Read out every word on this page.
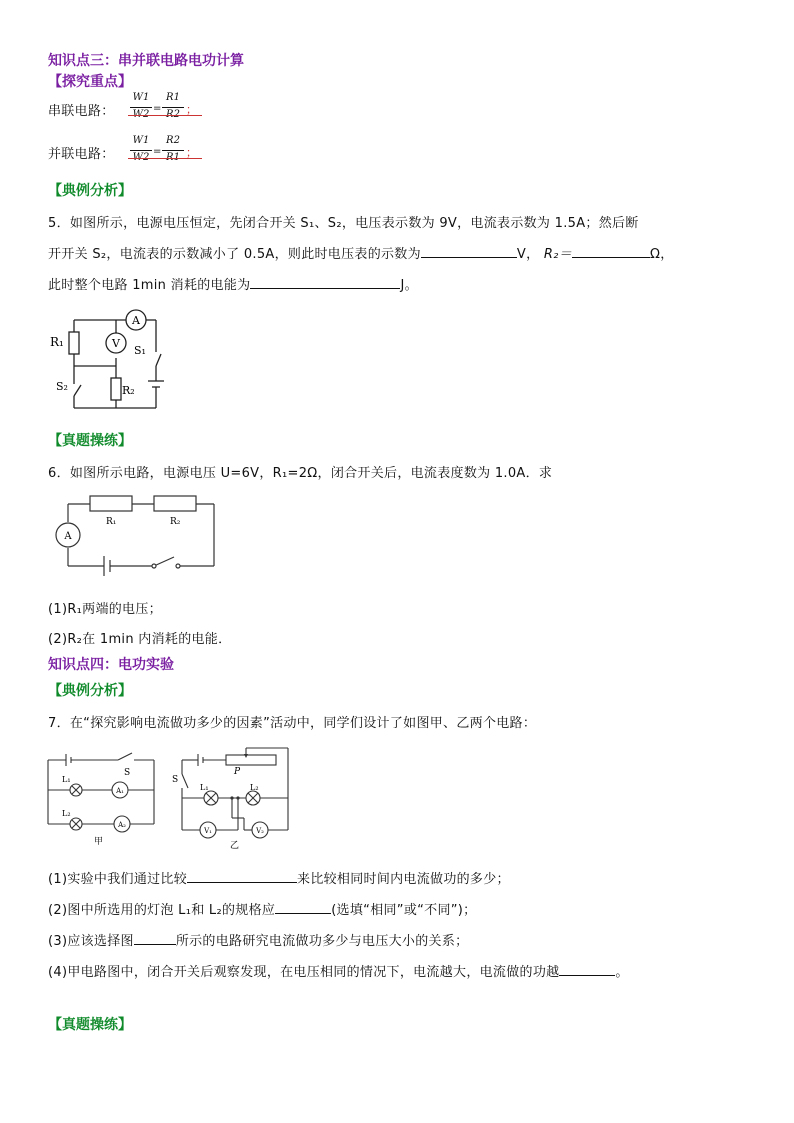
知识点三：串并联电路电功计算
【探究重点】
串联电路：
W1
W2
=
R1
R2 ；
并联电路：
W1
W2
=
R2
R1 ；
【典例分析】
5．如图所示，电源电压恒定，先闭合开关 S₁、S₂，电压表示数为 9V，电流表示数为 1.5A；然后断
开开关 S₂，电流表的示数减小了 0.5A，则此时电压表的示数为	V， R₂＝	Ω，
此时整个电路 1min 消耗的电能为	J。
A
V
R₁
R₂
S₁
S₂
【真题操练】
6．如图所示电路，电源电压 U=6V，R₁=2Ω，闭合开关后，电流表度数为 1.0A．求
A
R₁	R₂
(1)R₁两端的电压；
(2)R₂在 1min 内消耗的电能．
知识点四：电功实验
【典例分析】
7．在“探究影响电流做功多少的因素”活动中，同学们设计了如图甲、乙两个电路：
S
L₁
L₂
A₁
A₂
甲
S
P
L₁	L₂
V₁	V₂
乙
(1)实验中我们通过比较	来比较相同时间内电流做功的多少；
(2)图中所选用的灯泡 L₁和 L₂的规格应	(选填“相同”或“不同”)；
(3)应该选择图	所示的电路研究电流做功多少与电压大小的关系；
(4)甲电路图中，闭合开关后观察发现，在电压相同的情况下，电流越大，电流做的功越	。
【真题操练】
